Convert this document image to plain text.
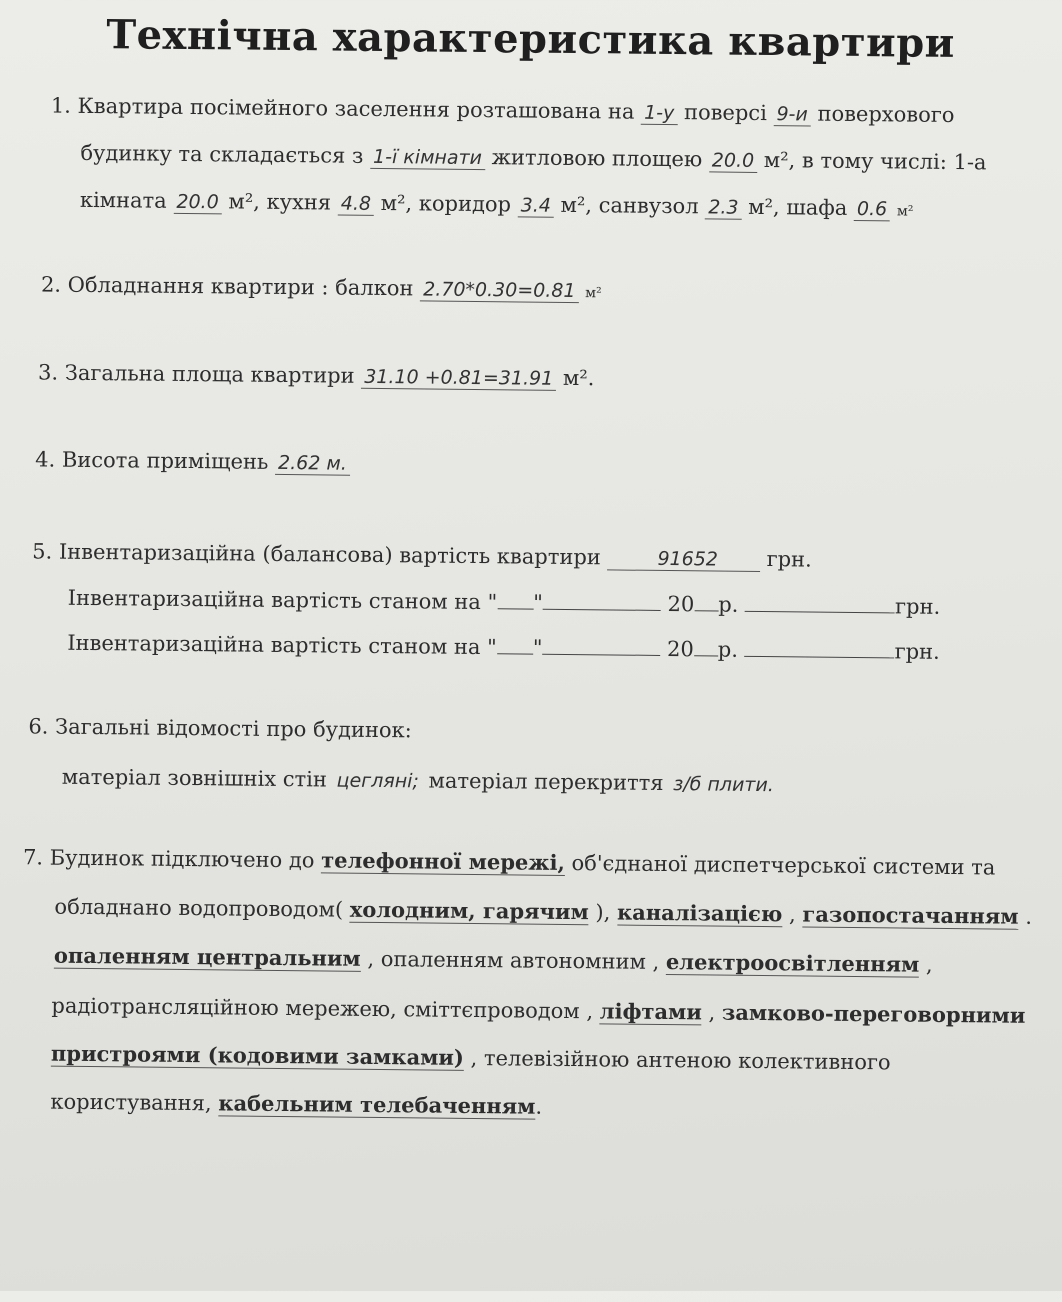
Технічна характеристика квартири
1. Квартира посімейного заселення розташована на 1-у поверсі 9-и поверхового
будинку та складається з 1-ї кімнати житловою площею 20.0 м², в тому числі: 1-а
кімната 20.0 м², кухня 4.8 м², коридор 3.4 м², санвузол 2.3 м², шафа 0.6 м²
2. Обладнання квартири : балкон 2.70*0.30=0.81 м²
3. Загальна площа квартири 31.10 +0.81=31.91 м².
4. Висота приміщень 2.62 м.
5. Інвентаризаційна (балансова) вартість квартири	91652 грн.
Інвентаризаційна вартість станом на " "	20 р.	грн.
Інвентаризаційна вартість станом на " "	20 р.	грн.
6. Загальні відомості про будинок:
матеріал зовнішніх стін цегляні; матеріал перекриття з/б плити.
7. Будинок підключено до телефонної мережі, об'єднаної диспетчерської системи та
обладнано водопроводом( холодним, гарячим ), каналізацією , газопостачанням .
опаленням центральним , опаленням автономним , електроосвітленням ,
радіотрансляційною мережею, сміттєпроводом , ліфтами , замково-переговорними
пристроями (кодовими замками) , телевізійною антеною колективного
користування, кабельним телебаченням.
